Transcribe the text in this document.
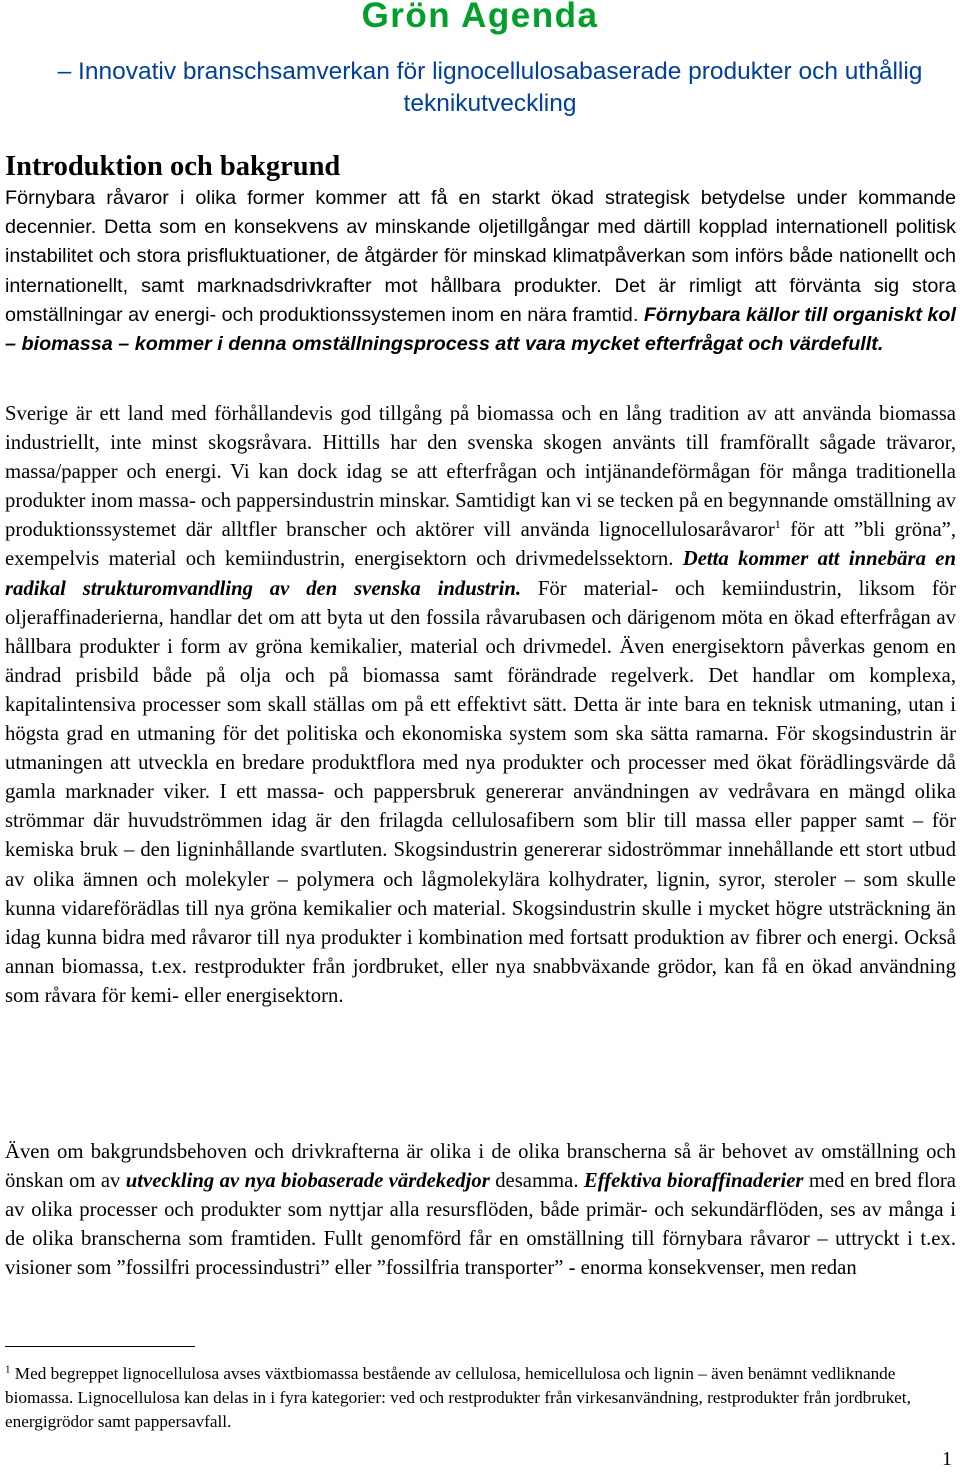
Grön Agenda

– Innovativ branschsamverkan för lignocellulosabaserade produkter och uthållig teknikutveckling

Introduktion och bakgrund

Förnybara råvaror i olika former kommer att få en starkt ökad strategisk betydelse under kommande decennier. Detta som en konsekvens av minskande oljetillgångar med därtill kopplad internationell politisk instabilitet och stora prisfluktuationer, de åtgärder för minskad klimatpåverkan som införs både nationellt och internationellt, samt marknadsdrivkrafter mot hållbara produkter. Det är rimligt att förvänta sig stora omställningar av energi- och produktionssystemen inom en nära framtid. Förnybara källor till organiskt kol – biomassa – kommer i denna omställningsprocess att vara mycket efterfrågat och värdefullt.

Sverige är ett land med förhållandevis god tillgång på biomassa och en lång tradition av att använda biomassa industriellt, inte minst skogsråvara. Hittills har den svenska skogen använts till framförallt sågade trävaror, massa/papper och energi. Vi kan dock idag se att efterfrågan och intjänandeförmågan för många traditionella produkter inom massa- och pappersindustrin minskar. Samtidigt kan vi se tecken på en begynnande omställning av produktionssystemet där alltfler branscher och aktörer vill använda lignocellulosaråvaror$^1$ för att ”bli gröna”, exempelvis material och kemiindustrin, energisektorn och drivmedelssektorn. Detta kommer att innebära en radikal strukturomvandling av den svenska industrin. För material- och kemiindustrin, liksom för oljeraffinaderierna, handlar det om att byta ut den fossila råvarubasen och därigenom möta en ökad efterfrågan av hållbara produkter i form av gröna kemikalier, material och drivmedel. Även energisektorn påverkas genom en ändrad prisbild både på olja och på biomassa samt förändrade regelverk. Det handlar om komplexa, kapitalintensiva processer som skall ställas om på ett effektivt sätt. Detta är inte bara en teknisk utmaning, utan i högsta grad en utmaning för det politiska och ekonomiska system som ska sätta ramarna. För skogsindustrin är utmaningen att utveckla en bredare produktflora med nya produkter och processer med ökat förädlingsvärde då gamla marknader viker. I ett massa- och pappersbruk genererar användningen av vedråvara en mängd olika strömmar där huvudströmmen idag är den frilagda cellulosafibern som blir till massa eller papper samt – för kemiska bruk – den ligninhållande svartluten. Skogsindustrin genererar sidoströmmar innehållande ett stort utbud av olika ämnen och molekyler – polymera och lågmolekylära kolhydrater, lignin, syror, steroler – som skulle kunna vidareförädlas till nya gröna kemikalier och material. Skogsindustrin skulle i mycket högre utsträckning än idag kunna bidra med råvaror till nya produkter i kombination med fortsatt produktion av fibrer och energi. Också annan biomassa, t.ex. restprodukter från jordbruket, eller nya snabbväxande grödor, kan få en ökad användning som råvara för kemi- eller energisektorn.

Även om bakgrundsbehoven och drivkrafterna är olika i de olika branscherna så är behovet av omställning och önskan om av utveckling av nya biobaserade värdekedjor desamma. Effektiva bioraffinaderier med en bred flora av olika processer och produkter som nyttjar alla resursflöden, både primär- och sekundärflöden, ses av många i de olika branscherna som framtiden. Fullt genomförd får en omställning till förnybara råvaror – uttryckt i t.ex. visioner som ”fossilfri processindustri” eller ”fossilfria transporter” - enorma konsekvenser, men redan

$^1$ Med begreppet lignocellulosa avses växtbiomassa bestående av cellulosa, hemicellulosa och lignin – även benämnt vedliknande biomassa. Lignocellulosa kan delas in i fyra kategorier: ved och restprodukter från virkesanvändning, restprodukter från jordbruket, energigrödor samt pappersavfall.

1
